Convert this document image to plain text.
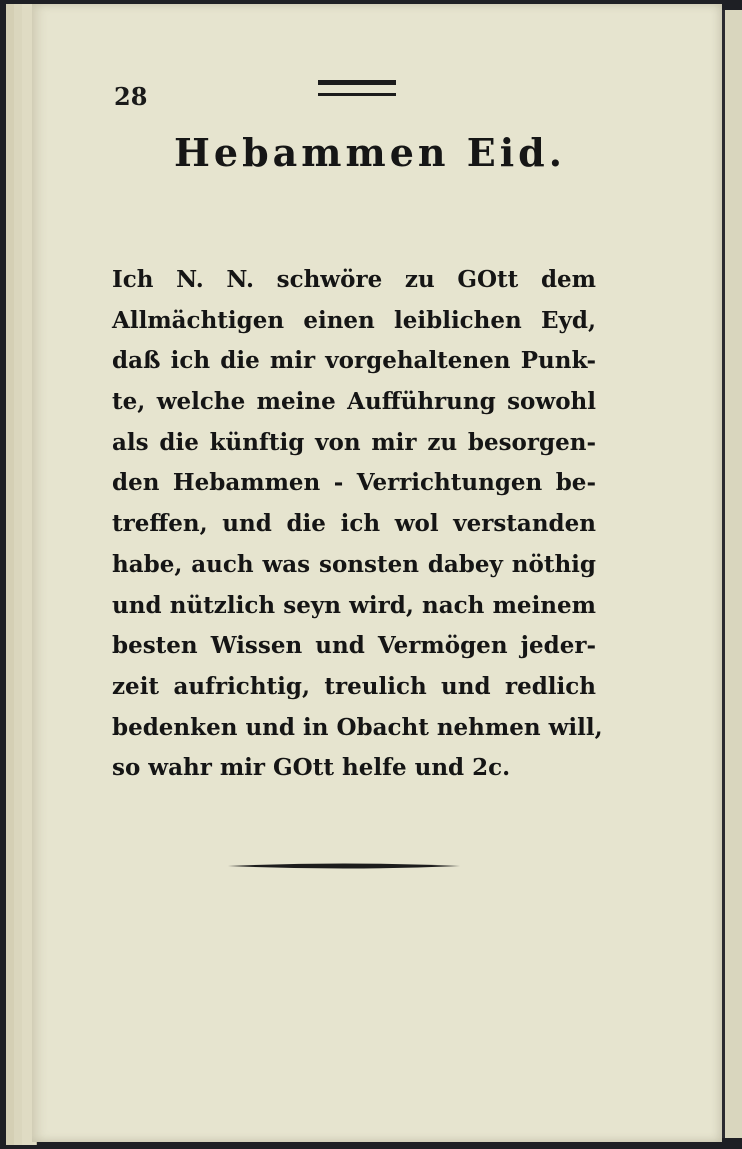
28
Hebammen Eid.
Ich N. N. schwöre zu GOtt dem
Allmächtigen einen leiblichen Eyd,
daß ich die mir vorgehaltenen Punk-
te, welche meine Aufführung sowohl
als die künftig von mir zu besorgen-
den Hebammen - Verrichtungen be-
treffen, und die ich wol verstanden
habe, auch was sonsten dabey nöthig
und nützlich seyn wird, nach meinem
besten Wissen und Vermögen jeder-
zeit aufrichtig, treulich und redlich
bedenken und in Obacht nehmen will,
so wahr mir GOtt helfe und 2c.
